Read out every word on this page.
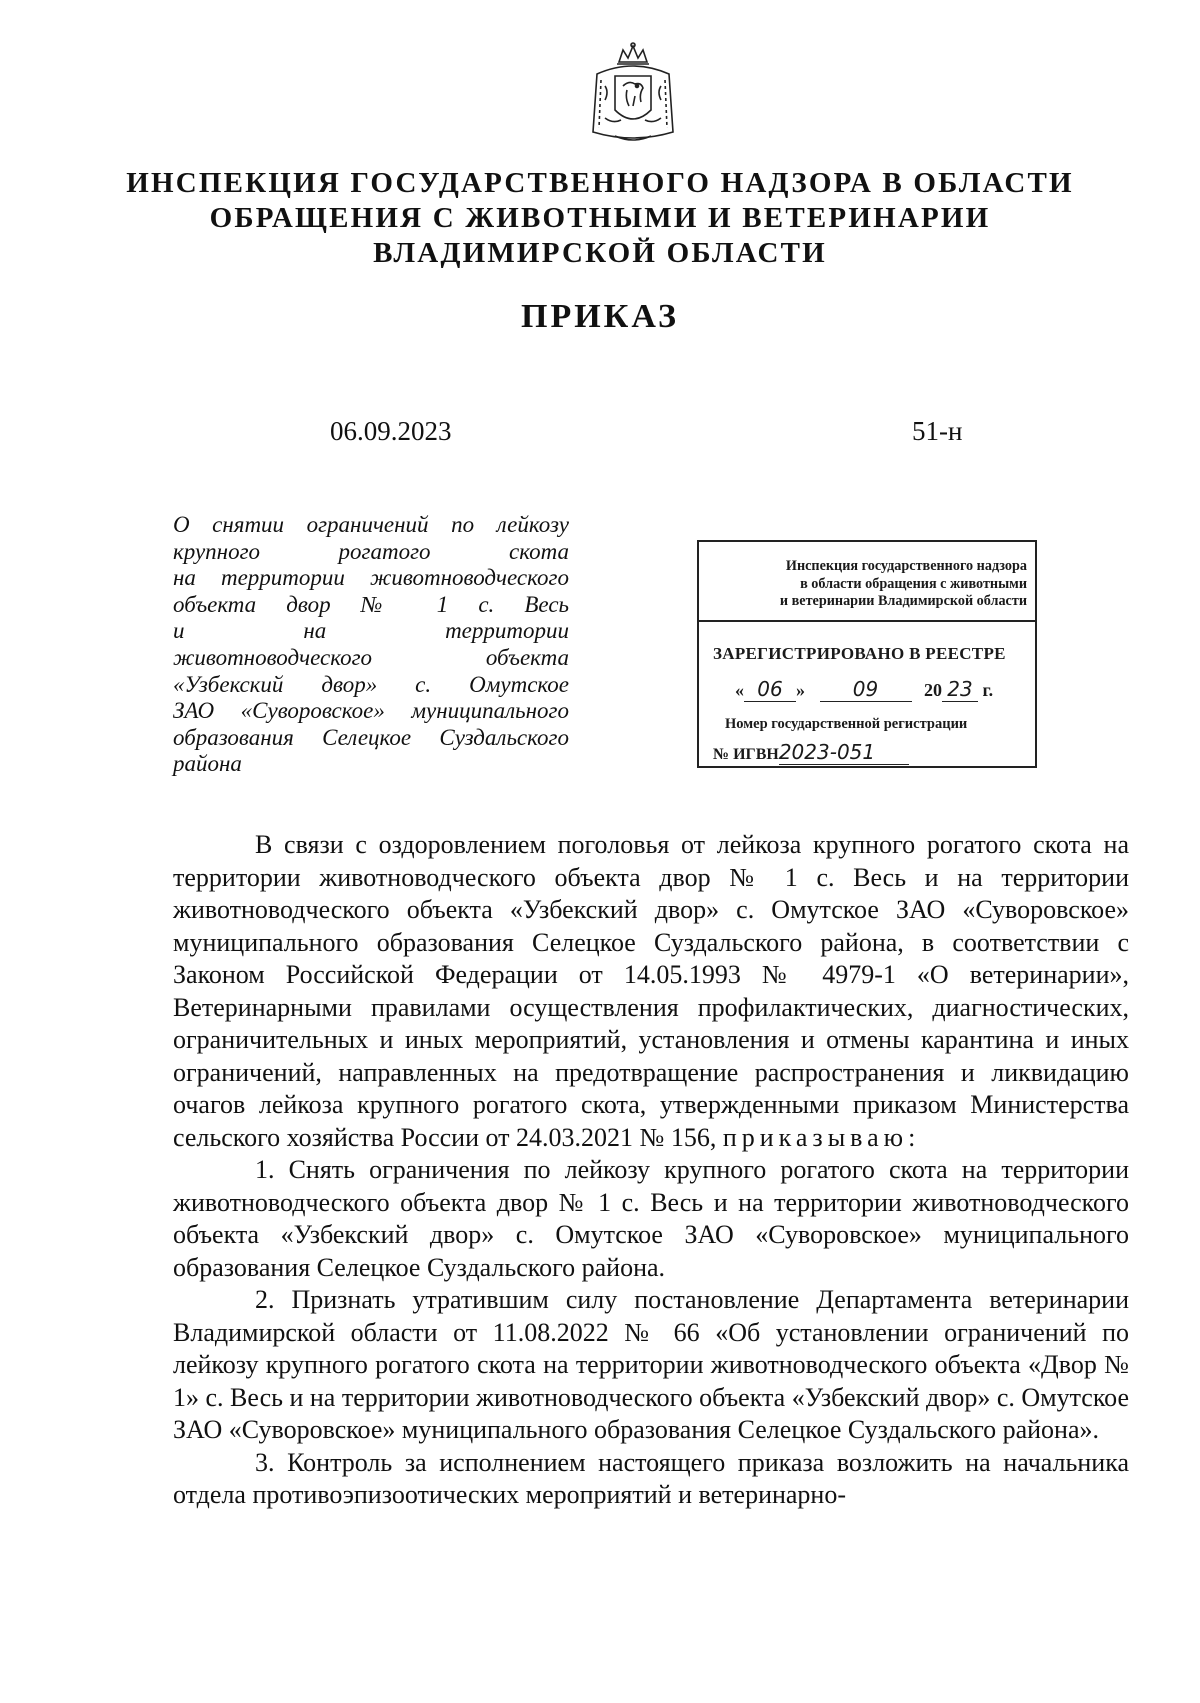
ИНСПЕКЦИЯ ГОСУДАРСТВЕННОГО НАДЗОРА В ОБЛАСТИ
ОБРАЩЕНИЯ С ЖИВОТНЫМИ И ВЕТЕРИНАРИИ
ВЛАДИМИРСКОЙ ОБЛАСТИ
ПРИКАЗ
06.09.2023	51-н
О снятии ограничений по лейкозу
крупного рогатого скота
на территории животноводческого
объекта двор № 1 с. Весь
и на территории
животноводческого объекта
«Узбекский двор» с. Омутское
ЗАО «Суворовское» муниципального
образования Селецкое Суздальского
района
Инспекция государственного надзора
в области обращения с животными
и ветеринарии Владимирской области
ЗАРЕГИСТРИРОВАНО В РЕЕСТРЕ
« 06 » 09	20 23 г.
Номер государственной регистрации
№ ИГВН2023-051

В связи с оздоровлением поголовья от лейкоза крупного рогатого скота на территории животноводческого объекта двор № 1 с. Весь и на территории животноводческого объекта «Узбекский двор» с. Омутское ЗАО «Суворовское» муниципального образования Селецкое Суздальского района, в соответствии с Законом Российской Федерации от 14.05.1993 № 4979-1 «О ветеринарии», Ветеринарными правилами осуществления профилактических, диагностических, ограничительных и иных мероприятий, установления и отмены карантина и иных ограничений, направленных на предотвращение распространения и ликвидацию очагов лейкоза крупного рогатого скота, утвержденными приказом Министерства сельского хозяйства России от 24.03.2021 № 156, приказываю:

1. Снять ограничения по лейкозу крупного рогатого скота на территории животноводческого объекта двор № 1 с. Весь и на территории животноводческого объекта «Узбекский двор» с. Омутское ЗАО «Суворовское» муниципального образования Селецкое Суздальского района.

2. Признать утратившим силу постановление Департамента ветеринарии Владимирской области от 11.08.2022 № 66 «Об установлении ограничений по лейкозу крупного рогатого скота на территории животноводческого объекта «Двор № 1» с. Весь и на территории животноводческого объекта «Узбекский двор» с. Омутское ЗАО «Суворовское» муниципального образования Селецкое Суздальского района».

3. Контроль за исполнением настоящего приказа возложить на начальника отдела противоэпизоотических мероприятий и ветеринарно-
